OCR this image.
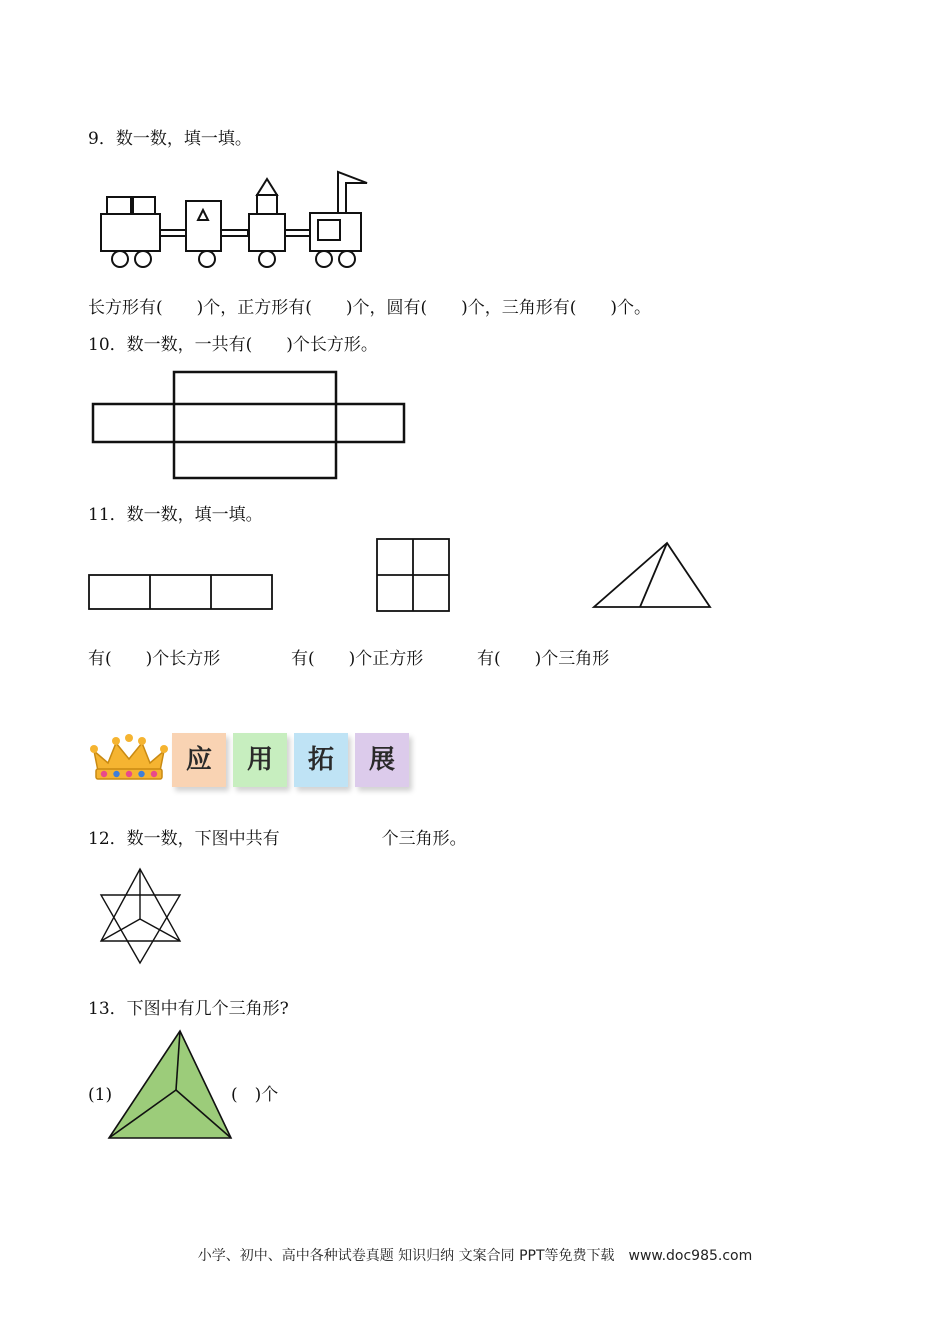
9．数一数，填一填。
长方形有(　　)个，正方形有(　　)个，圆有(　　)个，三角形有(　　)个。
10．数一数，一共有(　　)个长方形。
11．数一数，填一填。
有(　　)个长方形	有(　　)个正方形	有(　　)个三角形
应	用	拓	展
12．数一数，下图中共有　　　　　　个三角形。
13．下图中有几个三角形?
(1)	(　)个
小学、初中、高中各种试卷真题 知识归纳 文案合同 PPT等免费下载　www.doc985.com
